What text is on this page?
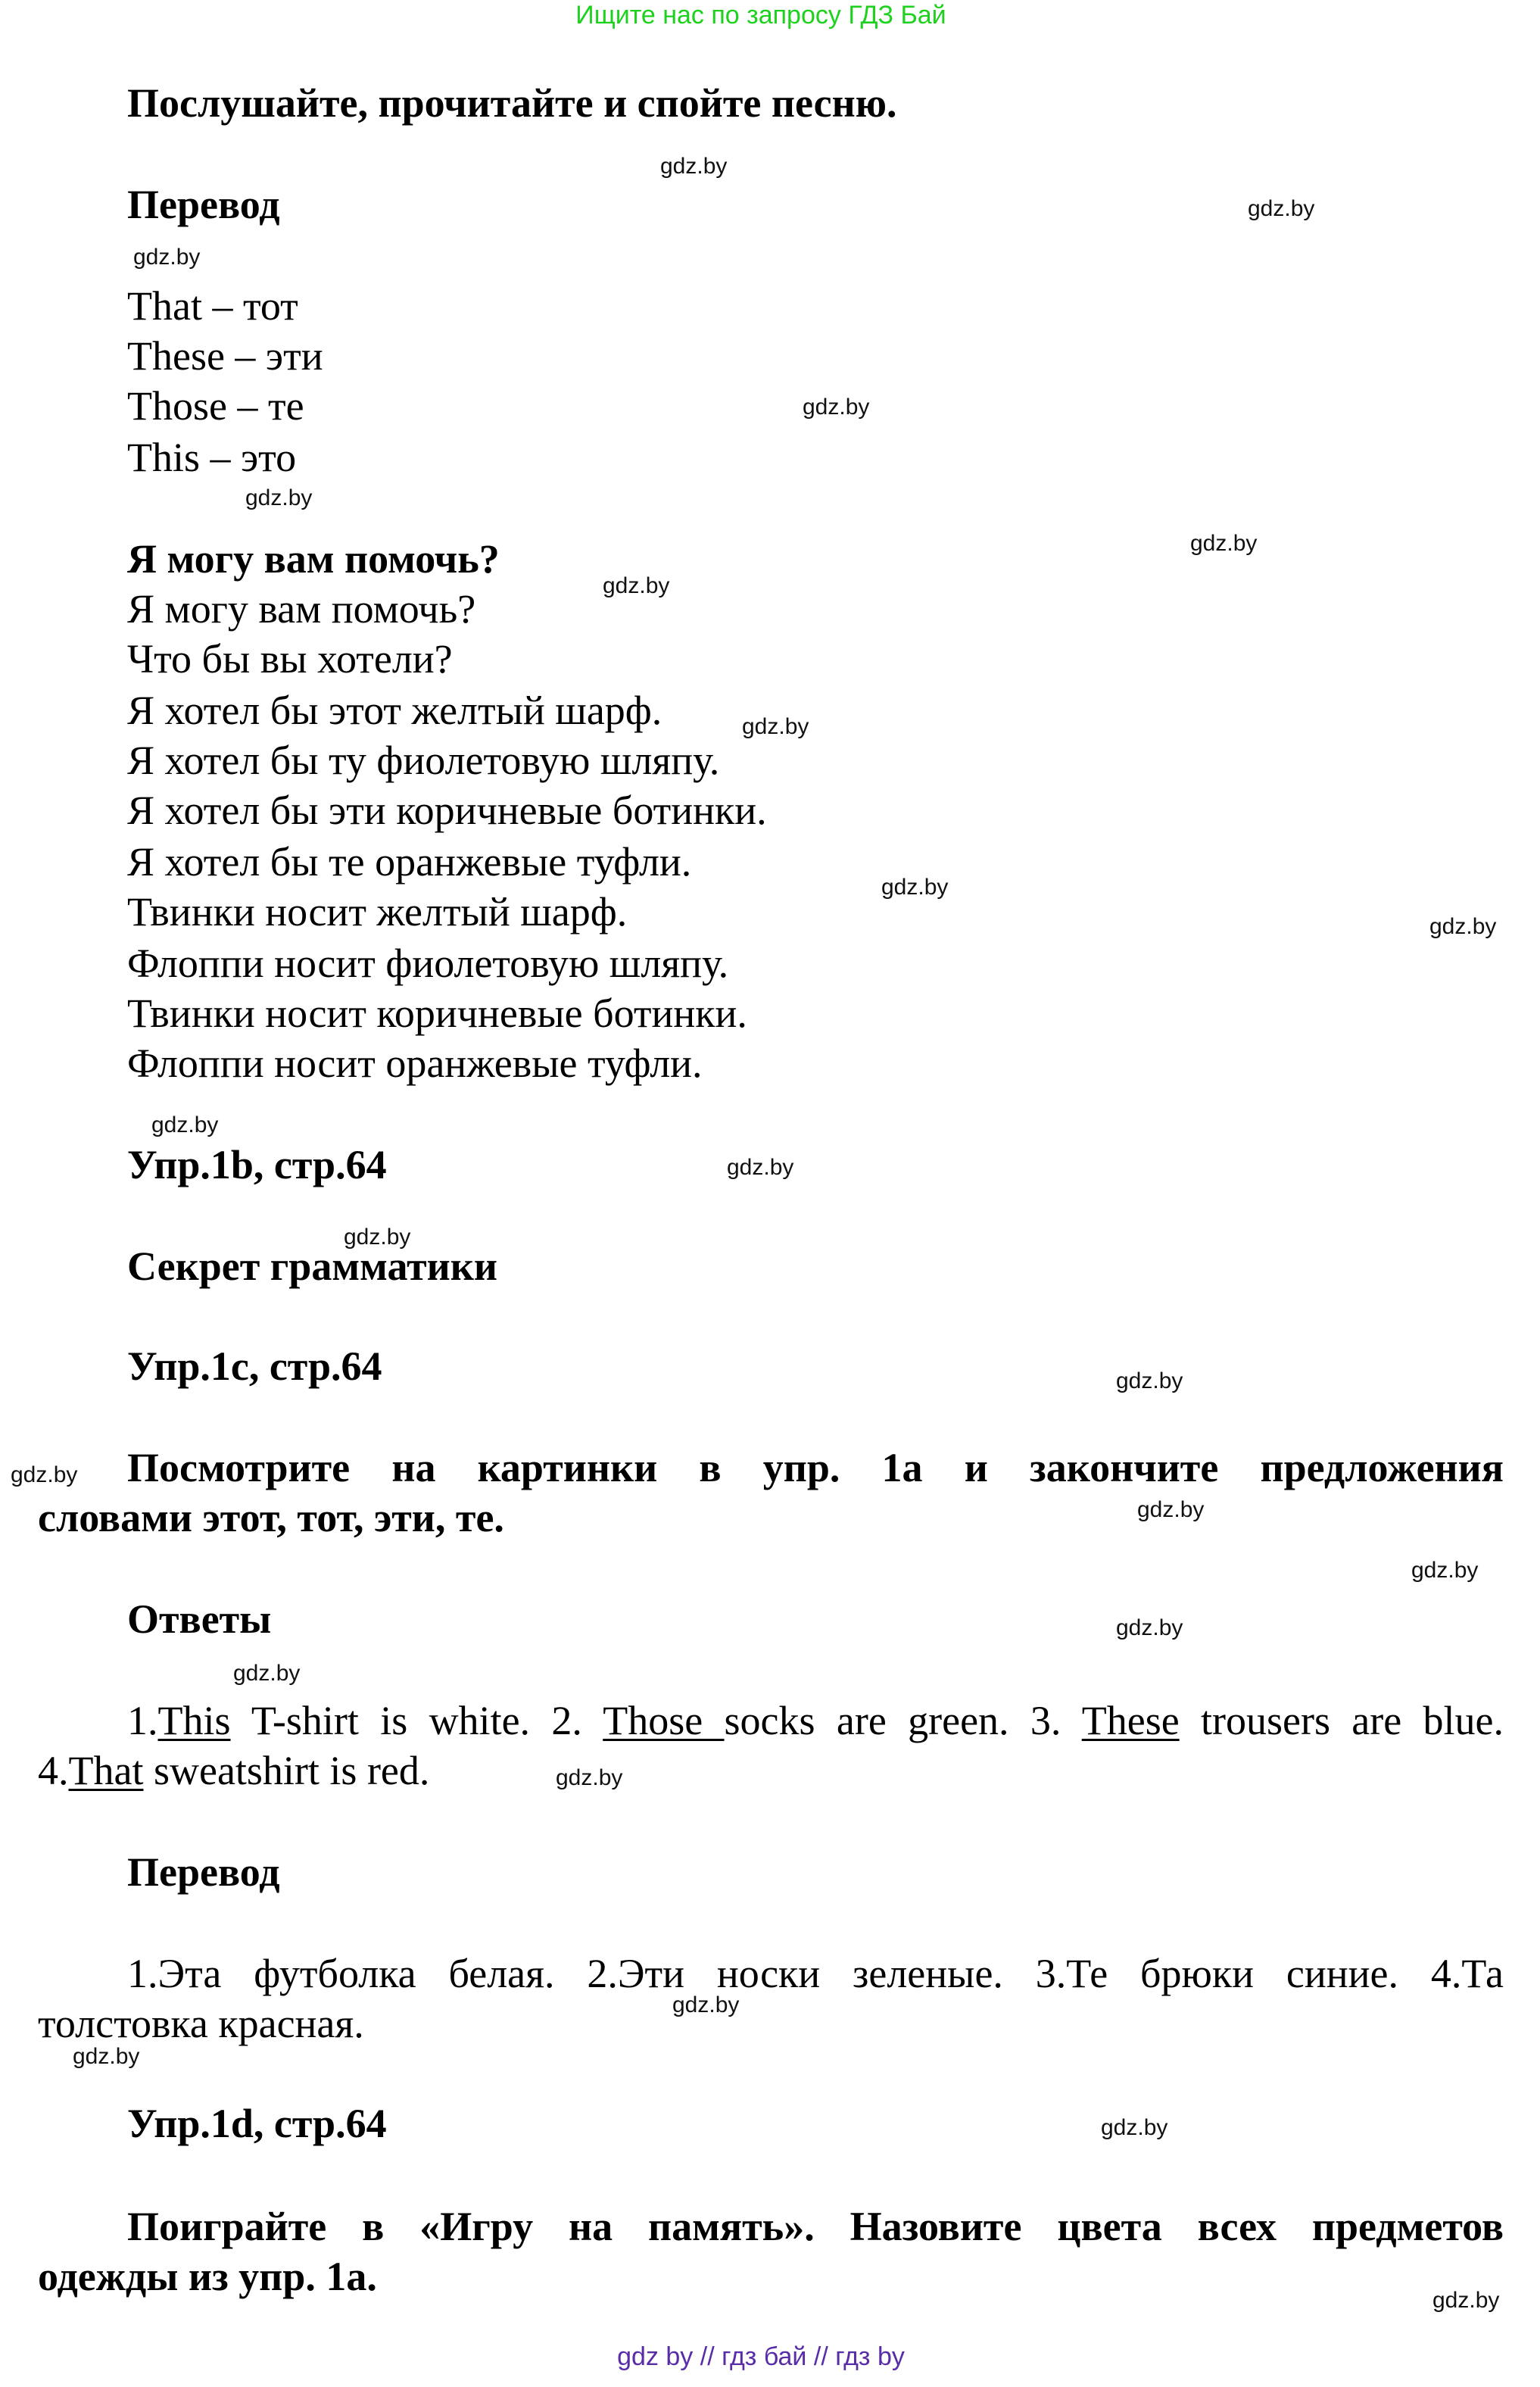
Ищите нас по запросу ГДЗ Бай
Послушайте, прочитайте и спойте песню.
Перевод
That – тот
These – эти
Those – те
This – это
Я могу вам помочь?
Я могу вам помочь?
Что бы вы хотели?
Я хотел бы этот желтый шарф.
Я хотел бы ту фиолетовую шляпу.
Я хотел бы эти коричневые ботинки.
Я хотел бы те оранжевые туфли.
Твинки носит желтый шарф.
Флоппи носит фиолетовую шляпу.
Твинки носит коричневые ботинки.
Флоппи носит оранжевые туфли.
Упр.1b, стр.64
Секрет грамматики
Упр.1c, стр.64
Посмотрите на картинки в упр. 1а и закончите предложения
словами этот, тот, эти, те.
Ответы
1.This T-shirt is white. 2. Those socks are green. 3. These trousers are blue.
4.That sweatshirt is red.
Перевод
1.Эта футболка белая. 2.Эти носки зеленые. 3.Те брюки синие. 4.Та
толстовка красная.
Упр.1d, стр.64
Поиграйте в «Игру на память». Назовите цвета всех предметов
одежды из упр. 1а.
gdz.by
gdz.by
gdz.by
gdz.by
gdz.by
gdz.by
gdz.by
gdz.by
gdz.by
gdz.by
gdz.by
gdz.by
gdz.by
gdz.by
gdz.by
gdz.by
gdz.by
gdz.by
gdz.by
gdz.by
gdz.by
gdz.by
gdz.by
gdz.by
gdz by // гдз бай // гдз by
